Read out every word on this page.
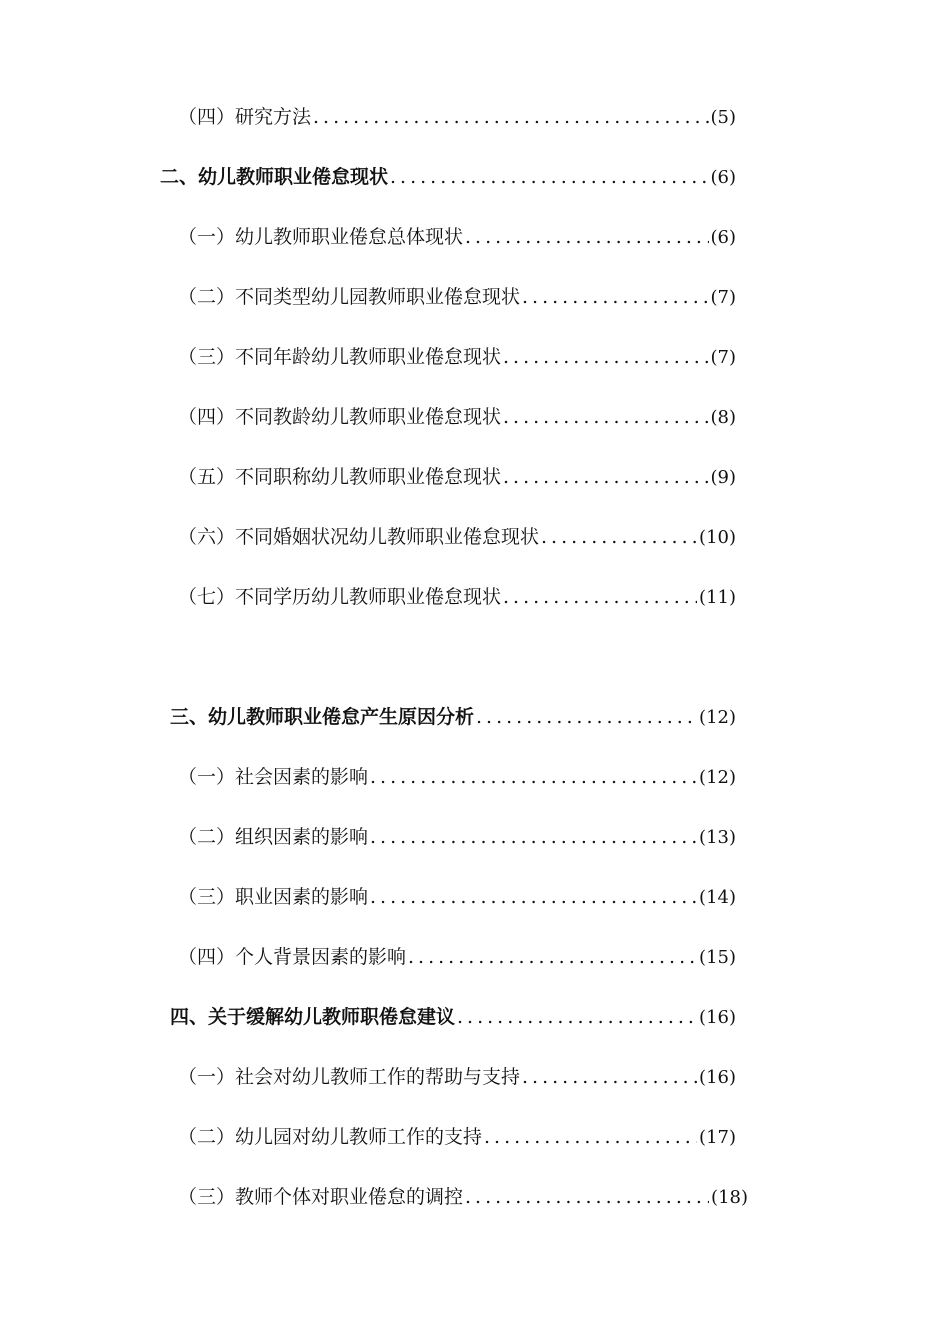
（四）研究方法 .....	(5)
二、幼儿教师职业倦怠现状 .....	(6)
（一）幼儿教师职业倦怠总体现状 .....	(6)
（二）不同类型幼儿园教师职业倦怠现状 .....	(7)
（三）不同年龄幼儿教师职业倦怠现状 .....	(7)
（四）不同教龄幼儿教师职业倦怠现状 .....	(8)
（五）不同职称幼儿教师职业倦怠现状 .....	(9)
（六）不同婚姻状况幼儿教师职业倦怠现状 .....	(10)
（七）不同学历幼儿教师职业倦怠现状 .....	(11)
三、幼儿教师职业倦怠产生原因分析 .....	(12)
（一）社会因素的影响 .....	(12)
（二）组织因素的影响 .....	(13)
（三）职业因素的影响 .....	(14)
（四）个人背景因素的影响 .....	(15)
四、关于缓解幼儿教师职倦怠建议 .....	(16)
（一）社会对幼儿教师工作的帮助与支持 .....	(16)
（二）幼儿园对幼儿教师工作的支持 .....	(17)
（三）教师个体对职业倦怠的调控 .....	(18)
